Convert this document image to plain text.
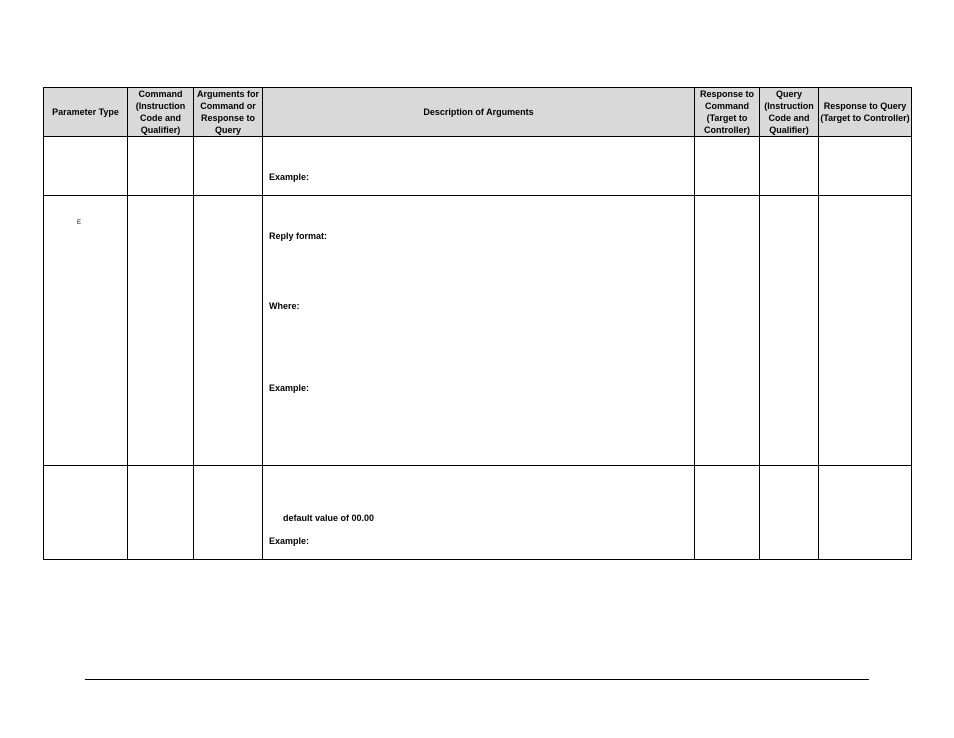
Parameter Type	Command (Instruction Code and Qualifier)	Arguments for Command or Response to Query	Description of Arguments	Response to Command (Target to Controller)	Query (Instruction Code and Qualifier)	Response to Query (Target to Controller)

			Example:			

E			Reply format:
Where:
Example:			

			default value of 00.00
Example:			
